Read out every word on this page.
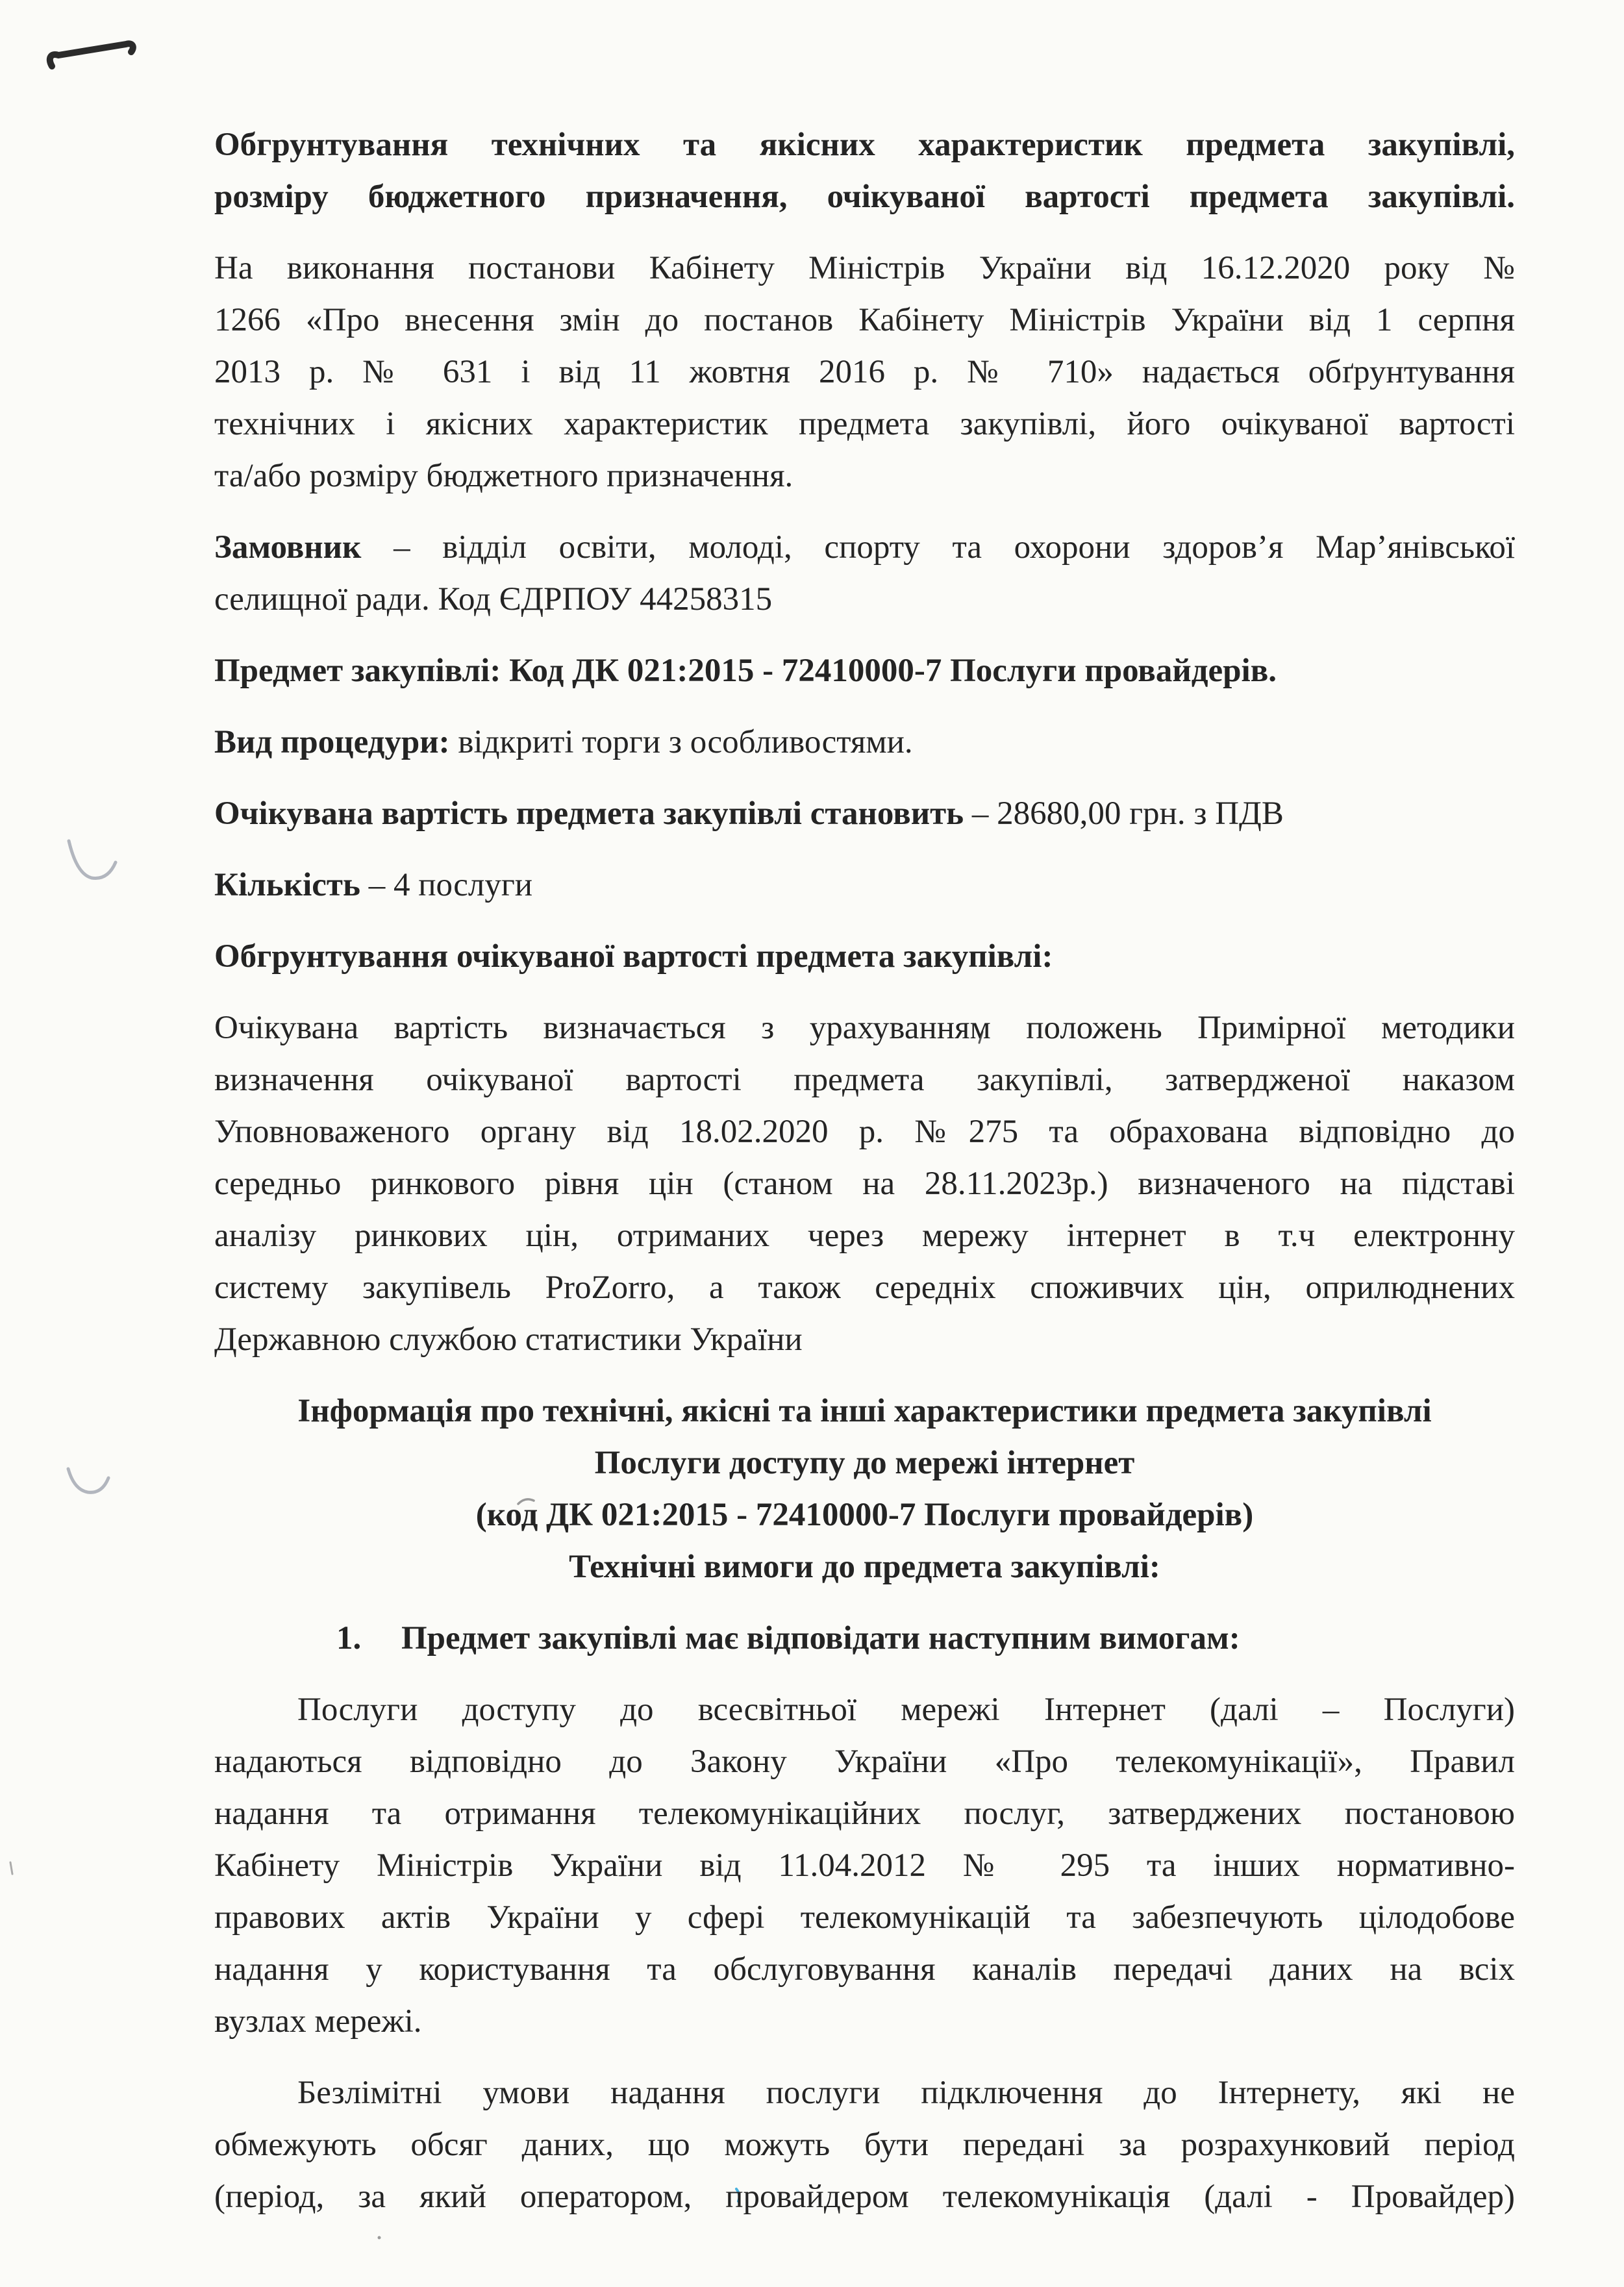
Обгрунтування технічних та якісних характеристик предмета закупівлі,
розміру бюджетного призначення, очікуваної вартості предмета закупівлі.
На виконання постанови Кабінету Міністрів України від 16.12.2020 року №
1266 «Про внесення змін до постанов Кабінету Міністрів України від 1 серпня
2013 р. № 631 і від 11 жовтня 2016 р. № 710» надається обґрунтування
технічних і якісних характеристик предмета закупівлі, його очікуваної вартості
та/або розміру бюджетного призначення.
Замовник – відділ освіти, молоді, спорту та охорони здоров’я Мар’янівської
селищної ради. Код ЄДРПОУ 44258315
Предмет закупівлі: Код ДК 021:2015 - 72410000-7 Послуги провайдерів.
Вид процедури: відкриті торги з особливостями.
Очікувана вартість предмета закупівлі становить – 28680,00 грн. з ПДВ
Кількість – 4 послуги
Обгрунтування очікуваної вартості предмета закупівлі:
Очікувана вартість визначається з урахуванням положень Примірної методики
визначення очікуваної вартості предмета закупівлі, затвердженої наказом
Уповноваженого органу від 18.02.2020 р. №275 та обрахована відповідно до
середньо ринкового рівня цін (станом на 28.11.2023р.) визначеного на підставі
аналізу ринкових цін, отриманих через мережу інтернет в т.ч електронну
систему закупівель ProZorro, а також середніх споживчих цін, оприлюднених
Державною службою статистики України
Інформація про технічні, якісні та інші характеристики предмета закупівлі
Послуги доступу до мережі інтернет
(код ДК 021:2015 - 72410000-7 Послуги провайдерів)
Технічні вимоги до предмета закупівлі:
1. Предмет закупівлі має відповідати наступним вимогам:
Послуги доступу до всесвітньої мережі Інтернет (далі – Послуги)
надаються відповідно до Закону України «Про телекомунікації», Правил
надання та отримання телекомунікаційних послуг, затверджених постановою
Кабінету Міністрів України від 11.04.2012 № 295 та інших нормативно-
правових актів України у сфері телекомунікацій та забезпечують цілодобове
надання у користування та обслуговування каналів передачі даних на всіх
вузлах мережі.
Безлімітні умови надання послуги підключення до Інтернету, які не
обмежують обсяг даних, що можуть бути передані за розрахунковий період
(період, за який оператором, провайдером телекомунікація (далі - Провайдер)
